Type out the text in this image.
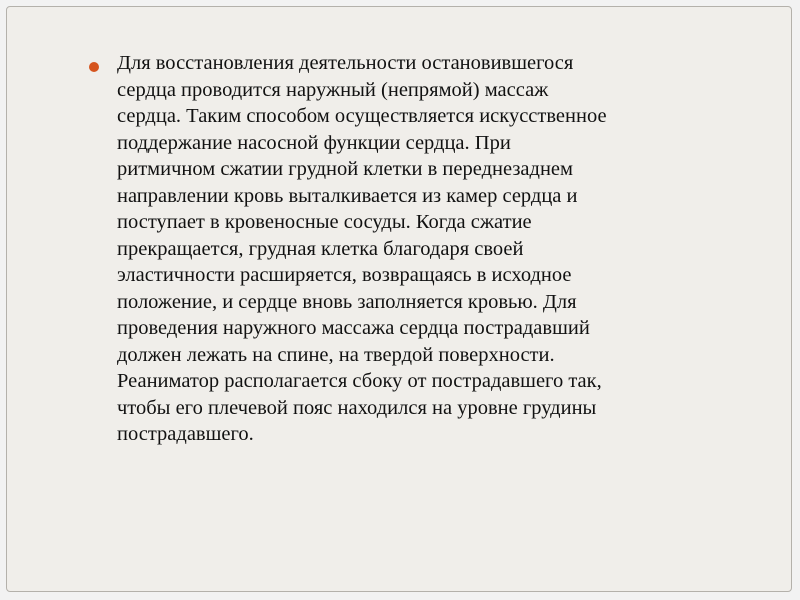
Для восстановления деятельности остановившегося
сердца проводится наружный (непрямой) массаж
сердца. Таким способом осуществляется искусственное
поддержание насосной функции сердца. При
ритмичном сжатии грудной клетки в переднезаднем
направлении кровь выталкивается из камер сердца и
поступает в кровеносные сосуды. Когда сжатие
прекращается, грудная клетка благодаря своей
эластичности расширяется, возвращаясь в исходное
положение, и сердце вновь заполняется кровью. Для
проведения наружного массажа сердца пострадавший
должен лежать на спине, на твердой поверхности.
Реаниматор располагается сбоку от пострадавшего так,
чтобы его плечевой пояс находился на уровне грудины
пострадавшего.
